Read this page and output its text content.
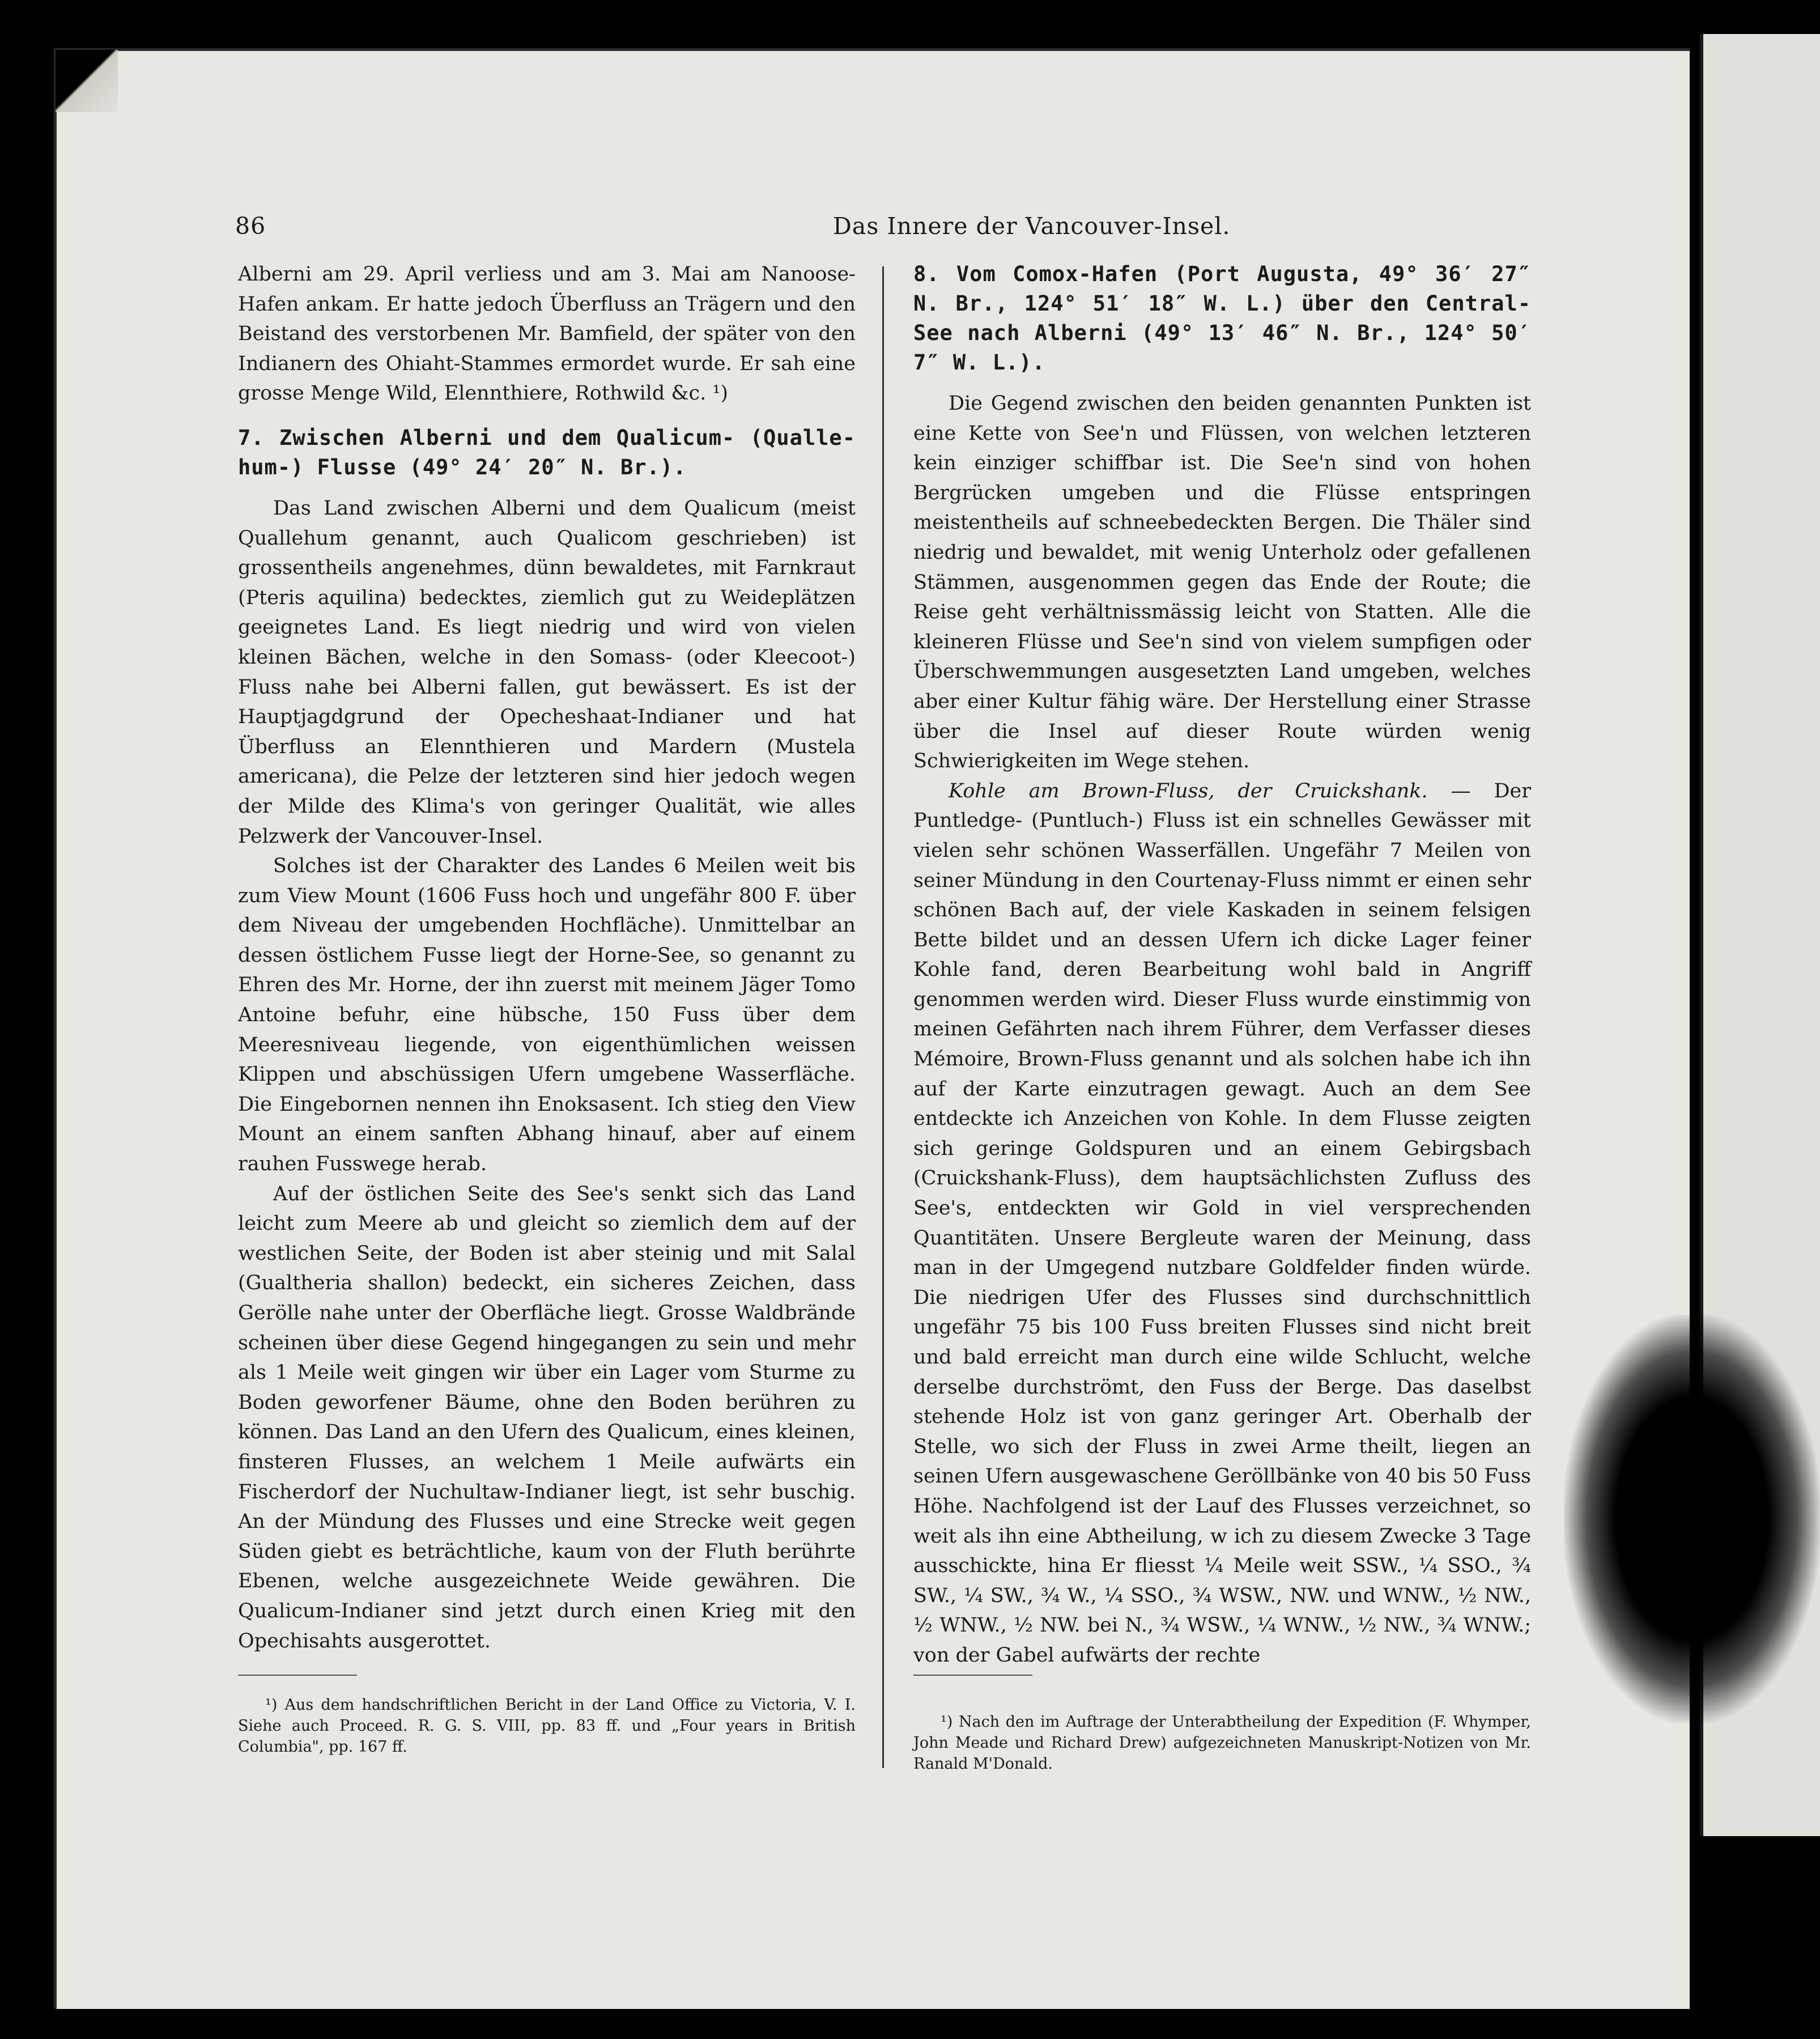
86	Das Innere der Vancouver-Insel.

Alberni am 29. April verliess und am 3. Mai am Nanoose-Hafen ankam. Er hatte jedoch Überfluss an Trägern und den Beistand des verstorbenen Mr. Bamfield, der später von den Indianern des Ohiaht-Stammes ermordet wurde. Er sah eine grosse Menge Wild, Elennthiere, Rothwild &c. ¹)

7. Zwischen Alberni und dem Qualicum- (Qualle-hum-) Flusse (49° 24′ 20″ N. Br.).

Das Land zwischen Alberni und dem Qualicum (meist Quallehum genannt, auch Qualicom geschrieben) ist grossentheils angenehmes, dünn bewaldetes, mit Farnkraut (Pteris aquilina) bedecktes, ziemlich gut zu Weideplätzen geeignetes Land. Es liegt niedrig und wird von vielen kleinen Bächen, welche in den Somass- (oder Kleecoot-) Fluss nahe bei Alberni fallen, gut bewässert. Es ist der Hauptjagdgrund der Opecheshaat-Indianer und hat Überfluss an Elennthieren und Mardern (Mustela americana), die Pelze der letzteren sind hier jedoch wegen der Milde des Klima's von geringer Qualität, wie alles Pelzwerk der Vancouver-Insel.

Solches ist der Charakter des Landes 6 Meilen weit bis zum View Mount (1606 Fuss hoch und ungefähr 800 F. über dem Niveau der umgebenden Hochfläche). Unmittelbar an dessen östlichem Fusse liegt der Horne-See, so genannt zu Ehren des Mr. Horne, der ihn zuerst mit meinem Jäger Tomo Antoine befuhr, eine hübsche, 150 Fuss über dem Meeresniveau liegende, von eigenthümlichen weissen Klippen und abschüssigen Ufern umgebene Wasserfläche. Die Eingebornen nennen ihn Enoksasent. Ich stieg den View Mount an einem sanften Abhang hinauf, aber auf einem rauhen Fusswege herab.

Auf der östlichen Seite des See's senkt sich das Land leicht zum Meere ab und gleicht so ziemlich dem auf der westlichen Seite, der Boden ist aber steinig und mit Salal (Gualtheria shallon) bedeckt, ein sicheres Zeichen, dass Geröllе nahe unter der Oberfläche liegt. Grosse Waldbrände scheinen über diese Gegend hingegangen zu sein und mehr als 1 Meile weit gingen wir über ein Lager vom Sturme zu Boden geworfener Bäume, ohne den Boden berühren zu können. Das Land an den Ufern des Qualicum, eines kleinen, finsteren Flusses, an welchem 1 Meile aufwärts ein Fischerdorf der Nuchultaw-Indianer liegt, ist sehr buschig. An der Mündung des Flusses und eine Strecke weit gegen Süden giebt es beträchtliche, kaum von der Fluth berührte Ebenen, welche ausgezeichnete Weide gewähren. Die Qualicum-Indianer sind jetzt durch einen Krieg mit den Opechisahts ausgerottet.

8. Vom Comox-Hafen (Port Augusta, 49° 36′ 27″ N. Br., 124° 51′ 18″ W. L.) über den Central-See nach Alberni (49° 13′ 46″ N. Br., 124° 50′ 7″ W. L.).

Die Gegend zwischen den beiden genannten Punkten ist eine Kette von See'n und Flüssen, von welchen letzteren kein einziger schiffbar ist. Die See'n sind von hohen Bergrücken umgeben und die Flüsse entspringen meistentheils auf schneebedeckten Bergen. Die Thäler sind niedrig und bewaldet, mit wenig Unterholz oder gefallenen Stämmen, ausgenommen gegen das Ende der Route; die Reise geht verhältnissmässig leicht von Statten. Alle die kleineren Flüsse und See'n sind von vielem sumpfigen oder Überschwemmungen ausgesetzten Land umgeben, welches aber einer Kultur fähig wäre. Der Herstellung einer Strasse über die Insel auf dieser Route würden wenig Schwierigkeiten im Wege stehen.

Kohle am Brown-Fluss, der Cruickshank. — Der Puntledge- (Puntluch-) Fluss ist ein schnelles Gewässer mit vielen sehr schönen Wasserfällen. Ungefähr 7 Meilen von seiner Mündung in den Courtenay-Fluss nimmt er einen sehr schönen Bach auf, der viele Kaskaden in seinem felsigen Bette bildet und an dessen Ufern ich dicke Lager feiner Kohle fand, deren Bearbeitung wohl bald in Angriff genommen werden wird. Dieser Fluss wurde einstimmig von meinen Gefährten nach ihrem Führer, dem Verfasser dieses Mémoire, Brown-Fluss genannt und als solchen habe ich ihn auf der Karte einzutragen gewagt. Auch an dem See entdeckte ich Anzeichen von Kohle. In dem Flusse zeigten sich geringe Goldspuren und an einem Gebirgsbach (Cruickshank-Fluss), dem hauptsächlichsten Zufluss des See's, entdeckten wir Gold in viel versprechenden Quantitäten. Unsere Bergleute waren der Meinung, dass man in der Umgegend nutzbare Goldfelder finden würde. Die niedrigen Ufer des Flusses sind durchschnittlich ungefähr 75 bis 100 Fuss breiten Flusses sind nicht breit und bald erreicht man durch eine wilde Schlucht, welche derselbe durchströmt, den Fuss der Berge. Das daselbst stehende Holz ist von ganz geringer Art. Oberhalb der Stelle, wo sich der Fluss in zwei Arme theilt, liegen an seinen Ufern ausgewaschene Geröllbänke von 40 bis 50 Fuss Höhe. Nachfolgend ist der Lauf des Flusses verzeichnet, so weit als ihn eine Abtheilung, w ich zu diesem Zwecke 3 Tage ausschickte, hina Er fliesst ¼ Meile weit SSW., ¼ SSO., ¾ SW., ¼ SW., ¾ W., ¼ SSO., ¾ WSW., NW. und WNW., ½ NW., ½ WNW., ½ NW. bei N., ¾ WSW., ¼ WNW., ½ NW., ¾ WNW.; von der Gabel aufwärts der rechte

¹) Aus dem handschriftlichen Bericht in der Land Office zu Victoria, V. I. Siehe auch Proceed. R. G. S. VIII, pp. 83 ff. und „Four years in British Columbia", pp. 167 ff.

¹) Nach den im Auftrage der Unterabtheilung der Expedition (F. Whymper, John Meade und Richard Drew) aufgezeichneten Manuskript-Notizen von Mr. Ranald M'Donald.
